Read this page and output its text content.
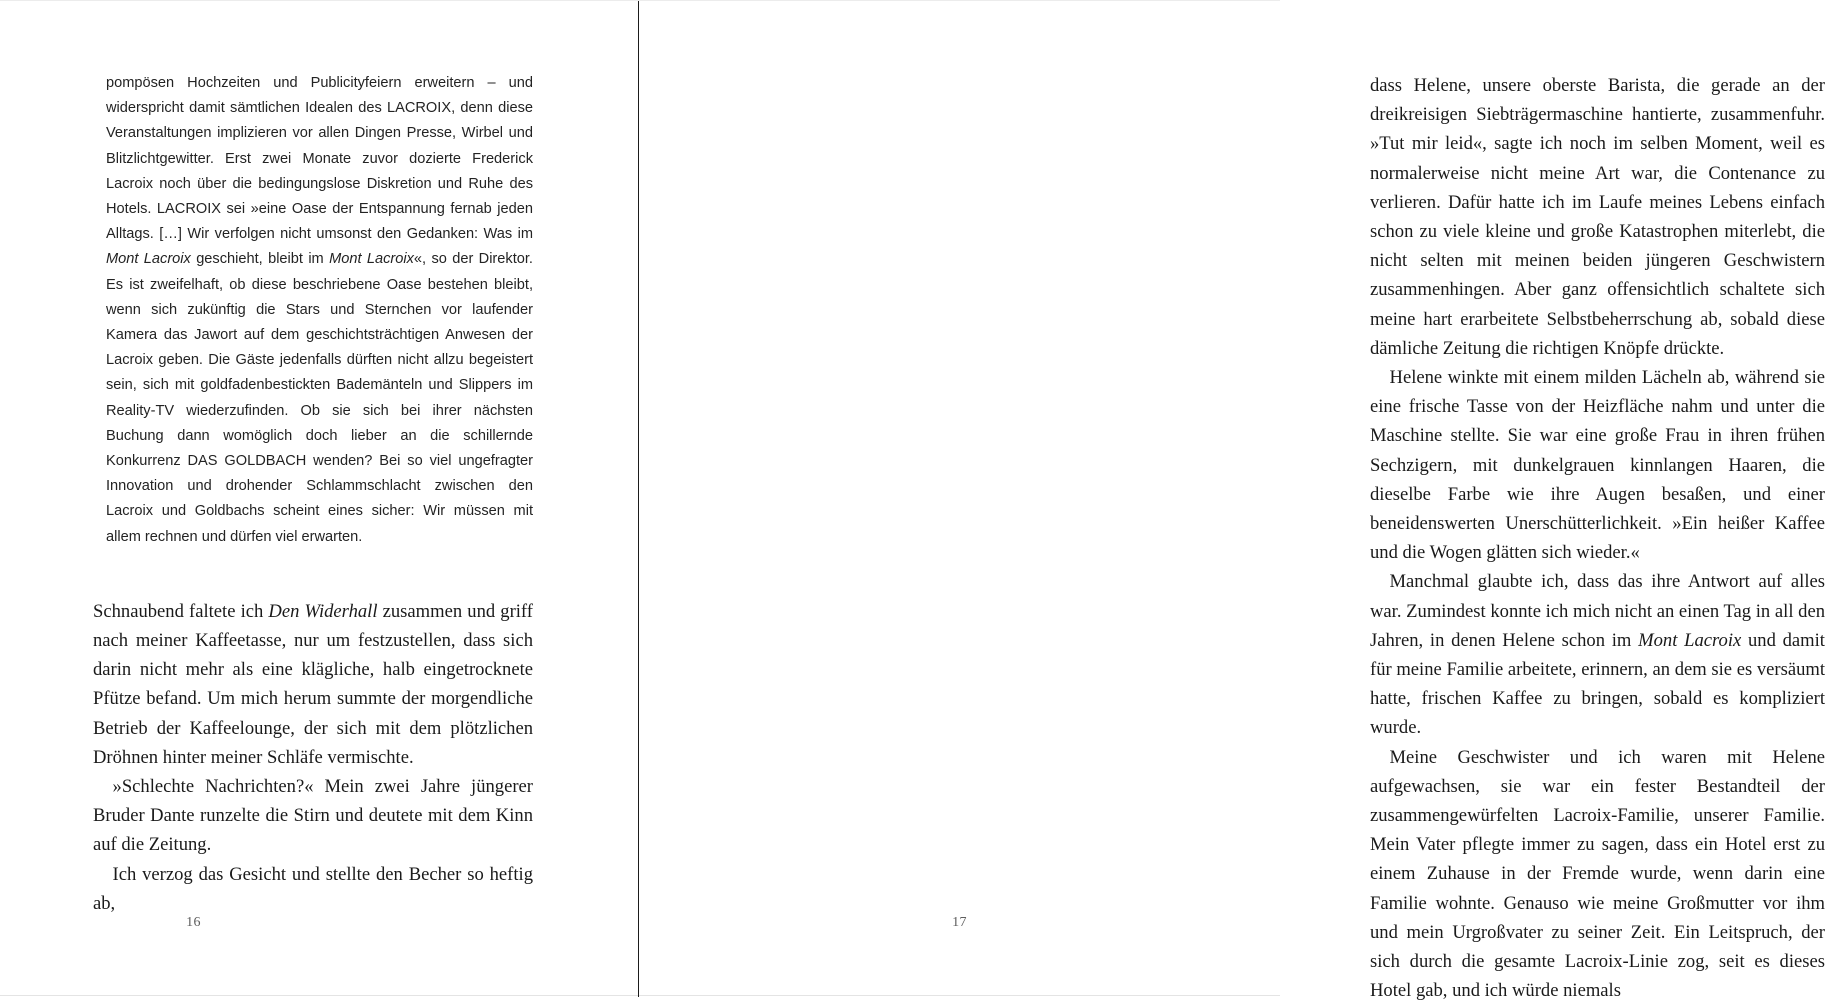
pompösen Hochzeiten und Publicityfeiern erweitern – und widerspricht damit sämtlichen Idealen des LACROIX, denn diese Veranstaltungen implizieren vor allen Dingen Presse, Wirbel und Blitzlichtgewitter. Erst zwei Monate zuvor dozierte Frederick Lacroix noch über die bedingungslose Diskretion und Ruhe des Hotels. LACROIX sei »eine Oase der Entspannung fernab jeden Alltags. […] Wir verfolgen nicht umsonst den Gedanken: Was im Mont Lacroix geschieht, bleibt im Mont Lacroix«, so der Direktor. Es ist zweifelhaft, ob diese beschriebene Oase bestehen bleibt, wenn sich zukünftig die Stars und Sternchen vor laufender Kamera das Jawort auf dem geschichtsträchtigen Anwesen der Lacroix geben. Die Gäste jedenfalls dürften nicht allzu begeistert sein, sich mit goldfadenbestickten Bademänteln und Slippers im Reality-TV wiederzufinden. Ob sie sich bei ihrer nächsten Buchung dann womöglich doch lieber an die schillernde Konkurrenz DAS GOLDBACH wenden? Bei so viel ungefragter Innovation und drohender Schlammschlacht zwischen den Lacroix und Goldbachs scheint eines sicher: Wir müssen mit allem rechnen und dürfen viel erwarten.

Schnaubend faltete ich Den Widerhall zusammen und griff nach meiner Kaffeetasse, nur um festzustellen, dass sich darin nicht mehr als eine klägliche, halb eingetrocknete Pfütze befand. Um mich herum summte der morgendliche Betrieb der Kaffeelounge, der sich mit dem plötzlichen Dröhnen hinter meiner Schläfe vermischte.

»Schlechte Nachrichten?« Mein zwei Jahre jüngerer Bruder Dante runzelte die Stirn und deutete mit dem Kinn auf die Zeitung.

Ich verzog das Gesicht und stellte den Becher so heftig ab,

16

dass Helene, unsere oberste Barista, die gerade an der dreikreisigen Siebträgermaschine hantierte, zusammenfuhr. »Tut mir leid«, sagte ich noch im selben Moment, weil es normalerweise nicht meine Art war, die Contenance zu verlieren. Dafür hatte ich im Laufe meines Lebens einfach schon zu viele kleine und große Katastrophen miterlebt, die nicht selten mit meinen beiden jüngeren Geschwistern zusammenhingen. Aber ganz offensichtlich schaltete sich meine hart erarbeitete Selbstbeherrschung ab, sobald diese dämliche Zeitung die richtigen Knöpfe drückte.

Helene winkte mit einem milden Lächeln ab, während sie eine frische Tasse von der Heizfläche nahm und unter die Maschine stellte. Sie war eine große Frau in ihren frühen Sechzigern, mit dunkelgrauen kinnlangen Haaren, die dieselbe Farbe wie ihre Augen besaßen, und einer beneidenswerten Unerschütterlichkeit. »Ein heißer Kaffee und die Wogen glätten sich wieder.«

Manchmal glaubte ich, dass das ihre Antwort auf alles war. Zumindest konnte ich mich nicht an einen Tag in all den Jahren, in denen Helene schon im Mont Lacroix und damit für meine Familie arbeitete, erinnern, an dem sie es versäumt hatte, frischen Kaffee zu bringen, sobald es kompliziert wurde.

Meine Geschwister und ich waren mit Helene aufgewachsen, sie war ein fester Bestandteil der zusammengewürfelten Lacroix-Familie, unserer Familie. Mein Vater pflegte immer zu sagen, dass ein Hotel erst zu einem Zuhause in der Fremde wurde, wenn darin eine Familie wohnte. Genauso wie meine Großmutter vor ihm und mein Urgroßvater zu seiner Zeit. Ein Leitspruch, der sich durch die gesamte Lacroix-Linie zog, seit es dieses Hotel gab, und ich würde niemals

17
